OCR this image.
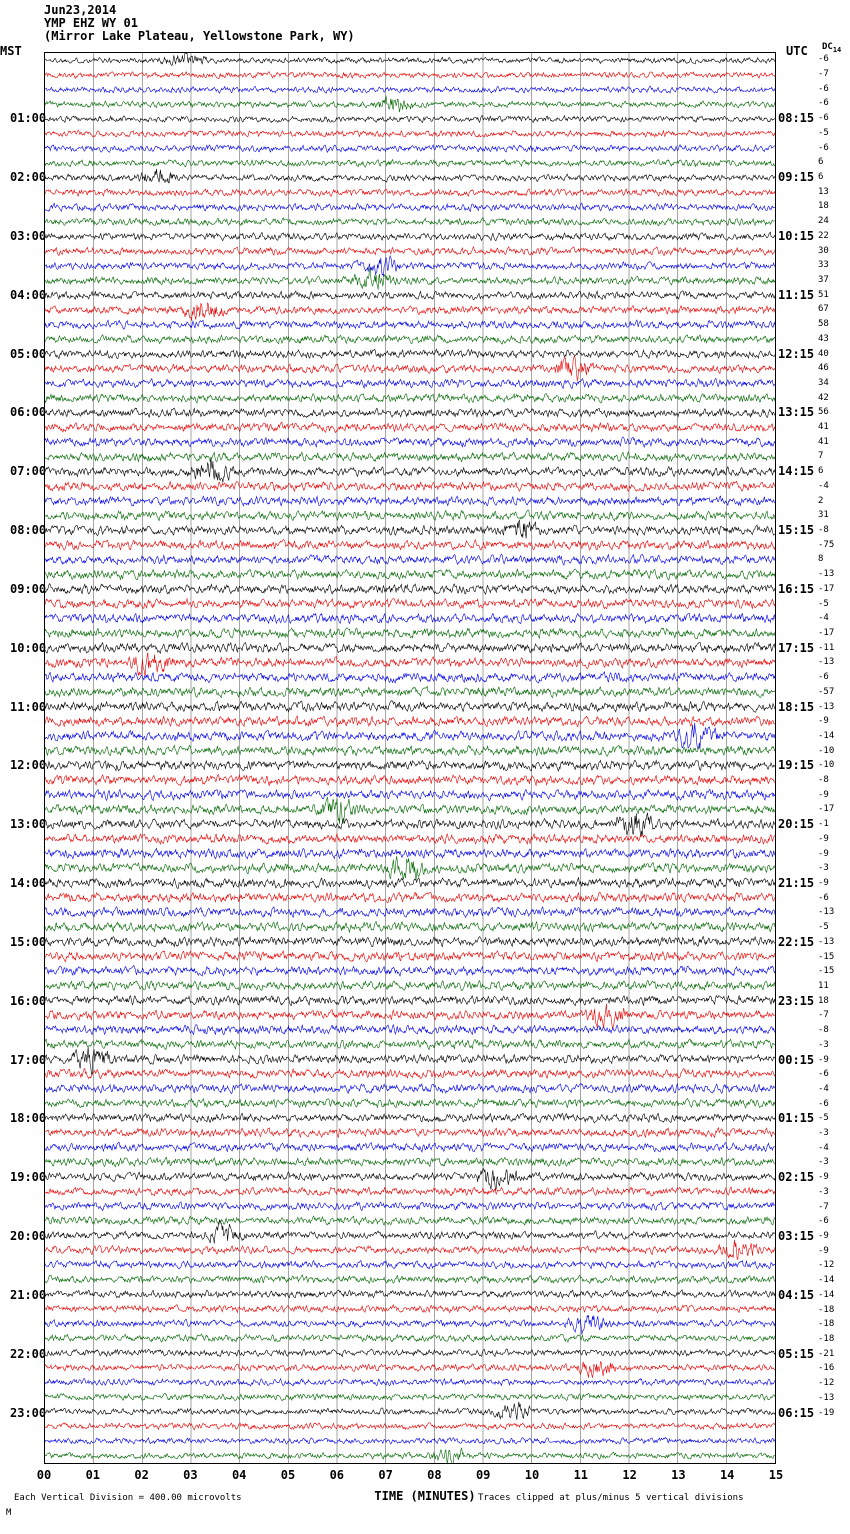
Jun23,2014
YMP EHZ WY 01
(Mirror Lake Plateau, Yellowstone Park, WY)
MST	UTC $DC_{14}$
01:00
02:00
03:00
04:00
05:00
06:00
07:00
08:00
09:00
10:00
11:00
12:00
13:00
14:00
15:00
16:00
17:00
18:00
19:00
20:00
21:00
22:00
23:00
08:15
09:15
10:15
11:15
12:15
13:15
14:15
15:15
16:15
17:15
18:15
19:15
20:15
21:15
22:15
23:15
00:15
01:15
02:15
03:15
04:15
05:15
06:15
-6
-7
-6
-6
-6
-5
-6
6
6
13
18
24
22
30
33
37
51
67
58
43
40
46
34
42
56
41
41
7
6
-4
2
31
-8
-75
8
-13
-17
-5
-4
-17
-11
-13
-6
-57
-13
-9
-14
-10
-10
-8
-9
-17
-1
-9
-9
-3
-9
-6
-13
-5
-13
-15
-15
11
18
-7
-8
-3
-9
-6
-4
-6
-5
-3
-4
-3
-9
-3
-7
-6
-9
-9
-12
-14
-14
-18
-18
-18
-21
-16
-12
-13
-19
00	01	02	03	04	05	06	07	08	09	10	11	12	13	14	15
TIME (MINUTES)
Each Vertical Division = 400.00 microvolts	Traces clipped at plus/minus 5 vertical divisions
M
